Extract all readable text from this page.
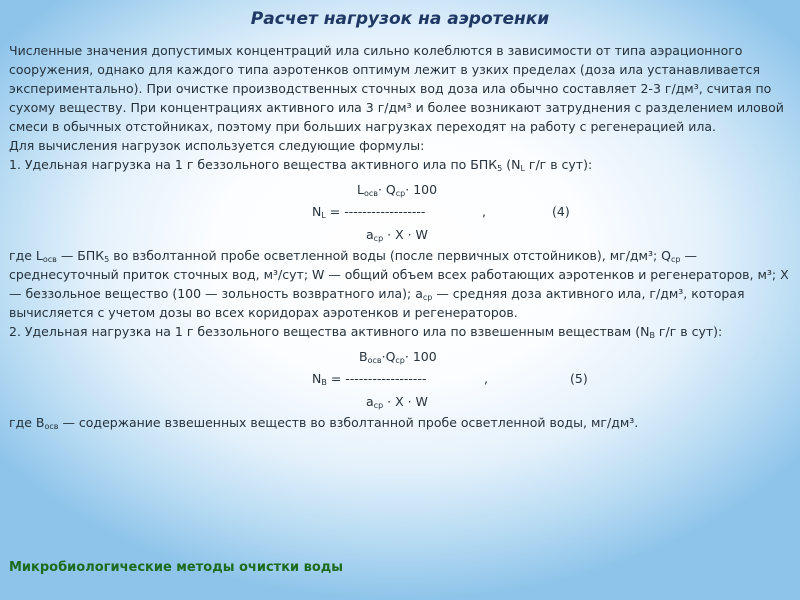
Расчет нагрузок на аэротенки

Численные значения допустимых концентраций ила сильно колеблются в зависимости от типа аэрационного сооружения, однако для каждого типа аэротенков оптимум лежит в узких пределах (доза ила устанавливается экспериментально). При очистке производственных сточных вод доза ила обычно составляет 2-3 г/дм³, считая по сухому веществу. При концентрациях активного ила 3 г/дм³ и более возникают затруднения с разделением иловой смеси в обычных отстойниках, поэтому при больших нагрузках переходят на работу с регенерацией ила.

Для вычисления нагрузок используется следующие формулы:

1. Удельная нагрузка на 1 г беззольного вещества активного ила по $БПК_5$ ($N_L$ г/г в сут):

$L_{осв}\cdot Q_{ср}\cdot 100$
$N_L$ = ------------------	,	(4)
$a_{ср} \cdot X \cdot W$

где $L_{осв}$ — $БПК_5$ во взболтанной пробе осветленной воды (после первичных отстойников), мг/дм³; $Q_{ср}$ — среднесуточный приток сточных вод, м³/сут; W — общий объем всех работающих аэротенков и регенераторов, м³; X — беззольное вещество (100 — зольность возвратного ила); $a_{ср}$ — средняя доза активного ила, г/дм³, которая вычисляется с учетом дозы во всех коридорах аэротенков и регенераторов.

2. Удельная нагрузка на 1 г беззольного вещества активного ила по взвешенным веществам ($N_B$ г/г в сут):

$B_{осв}\cdot Q_{ср}\cdot 100$
$N_B$ = ------------------	,	(5)
$a_{ср} \cdot X \cdot W$

где $B_{осв}$ — содержание взвешенных веществ во взболтанной пробе осветленной воды, мг/дм³.

Микробиологические методы очистки воды
